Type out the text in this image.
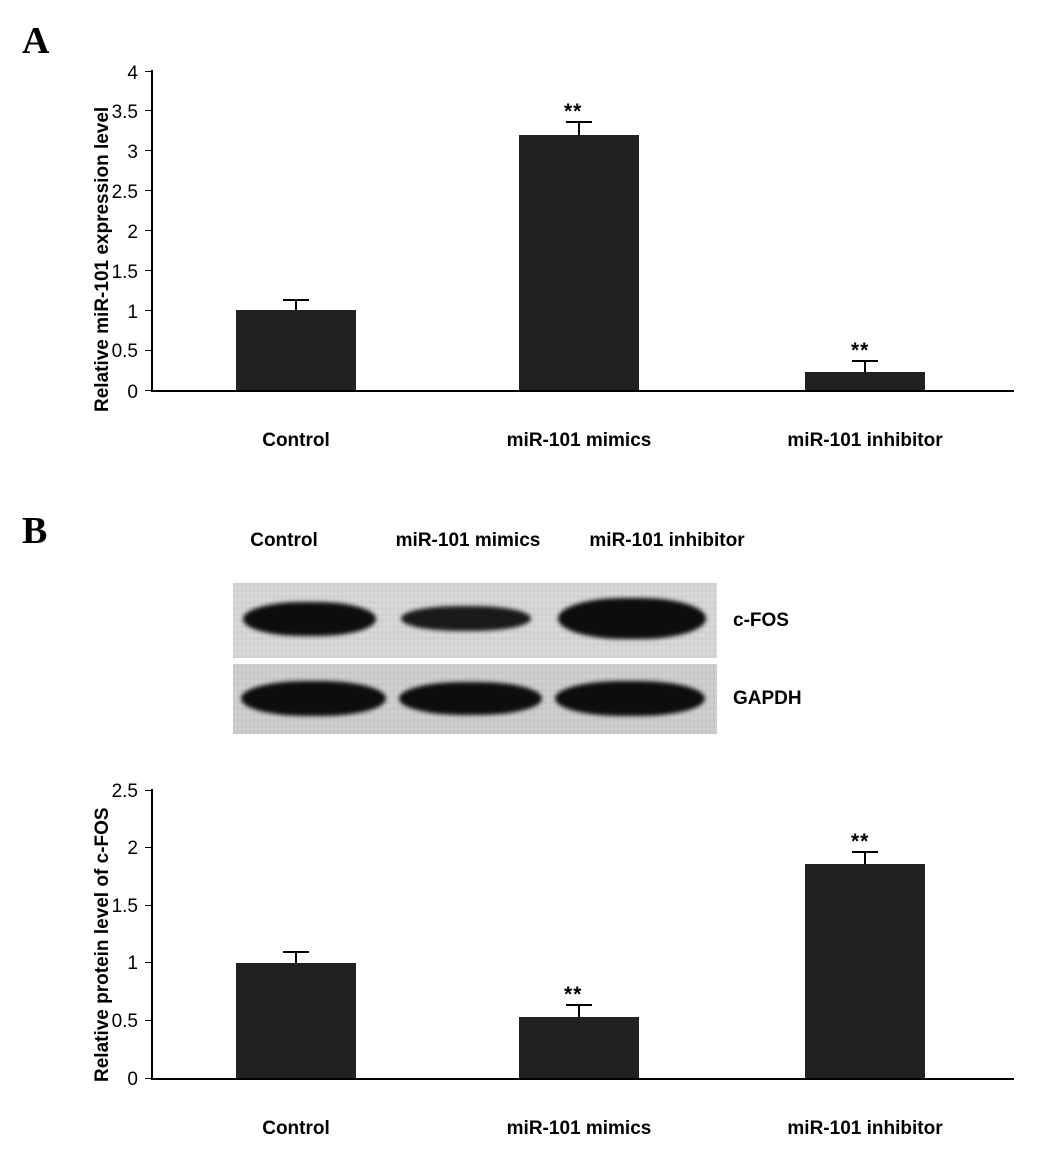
A
Relative miR-101 expression level 0
0.5
1
1.5
2
2.5
3
3.5
4
**
**
Control	miR-101 mimics	miR-101 inhibitor
B	Control	miR-101 mimics	miR-101 inhibitor
c-FOS
GAPDH
Relative protein level of c-FOS 0
0.5
1
1.5
2
2.5
**
**
Control	miR-101 mimics	miR-101 inhibitor
